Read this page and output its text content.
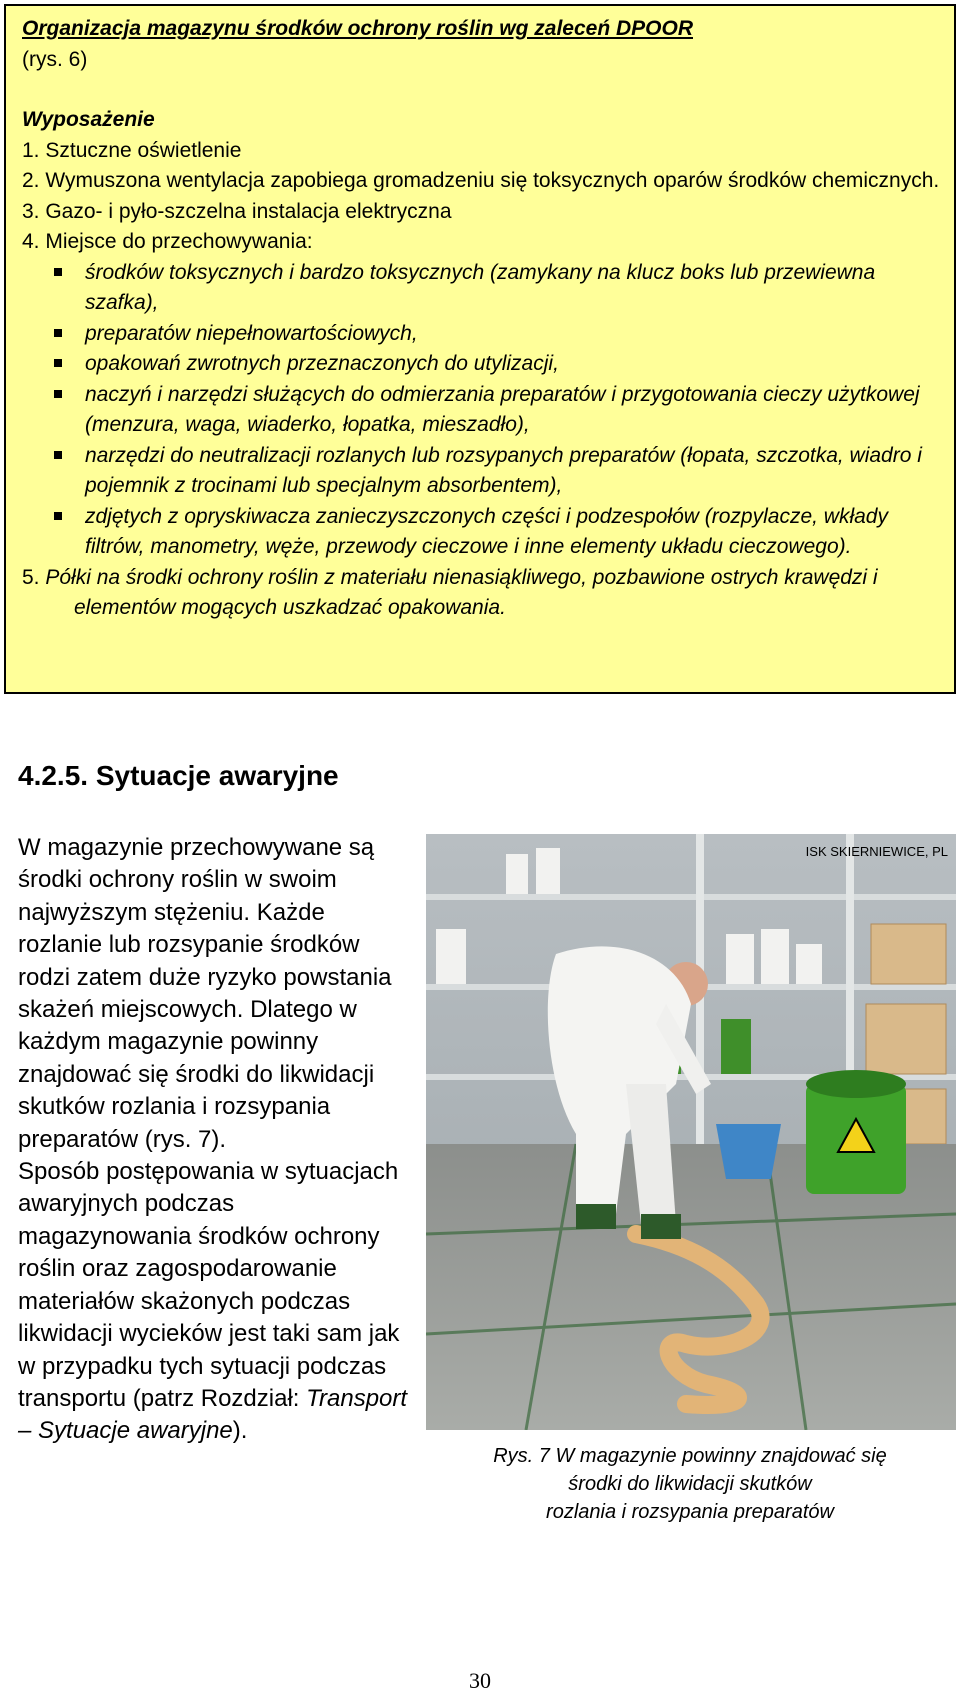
Organizacja magazynu środków ochrony roślin wg zaleceń DPOOR
(rys. 6)
Wyposażenie
1. Sztuczne oświetlenie
2. Wymuszona wentylacja zapobiega gromadzeniu się toksycznych oparów środków chemicznych.
3. Gazo- i pyło-szczelna instalacja elektryczna
4. Miejsce do przechowywania:
środków toksycznych i bardzo toksycznych (zamykany na klucz boks lub przewiewna szafka),
preparatów niepełnowartościowych,
opakowań zwrotnych przeznaczonych do utylizacji,
naczyń i narzędzi służących do odmierzania preparatów i przygotowania cieczy użytkowej (menzura, waga, wiaderko, łopatka, mieszadło),
narzędzi do neutralizacji rozlanych lub rozsypanych preparatów (łopata, szczotka, wiadro i pojemnik z trocinami lub specjalnym absorbentem),
zdjętych z opryskiwacza zanieczyszczonych części i podzespołów (rozpylacze, wkłady filtrów, manometry, węże, przewody cieczowe i inne elementy układu cieczowego).
5. Półki na środki ochrony roślin z materiału nienasiąkliwego, pozbawione ostrych krawędzi i elementów mogących uszkadzać opakowania.
4.2.5. Sytuacje awaryjne

W magazynie przechowywane są środki ochrony roślin w swoim najwyższym stężeniu. Każde rozlanie lub rozsypanie środków rodzi zatem duże ryzyko powstania skażeń miejscowych. Dlatego w każdym magazynie powinny znajdować się środki do likwidacji skutków rozlania i rozsypania preparatów (rys. 7).

Sposób postępowania w sytuacjach awaryjnych podczas magazynowania środków ochrony roślin oraz zagospodarowanie materiałów skażonych podczas likwidacji wycieków jest taki sam jak w przypadku tych sytuacji podczas transportu (patrz Rozdział: Transport – Sytuacje awaryjne).

ISK SKIERNIEWICE, PL
Rys. 7 W magazynie powinny znajdować się
środki do likwidacji skutków
rozlania i rozsypania preparatów
30
